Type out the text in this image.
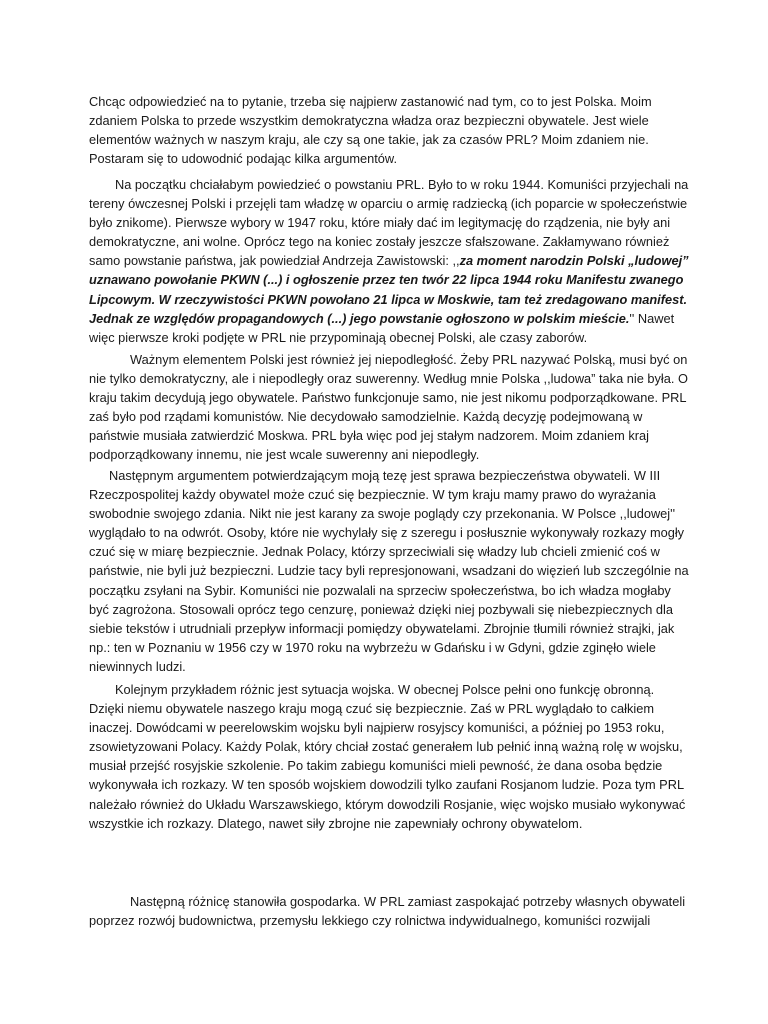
Chcąc odpowiedzieć na to pytanie, trzeba się najpierw zastanowić nad tym, co to jest Polska. Moim zdaniem Polska to przede wszystkim demokratyczna władza oraz bezpieczni obywatele. Jest wiele elementów ważnych w naszym kraju, ale czy są one takie, jak za czasów PRL? Moim zdaniem nie. Postaram się to udowodnić podając kilka argumentów.

Na początku chciałabym powiedzieć o powstaniu PRL. Było to w roku 1944. Komuniści przyjechali na tereny ówczesnej Polski i przejęli tam władzę w oparciu o armię radziecką (ich poparcie w społeczeństwie było znikome). Pierwsze wybory w 1947 roku, które miały dać im legitymację do rządzenia, nie były ani demokratyczne, ani wolne. Oprócz tego na koniec zostały jeszcze sfałszowane. Zakłamywano również samo powstanie państwa, jak powiedział Andrzeja Zawistowski: ,,za moment narodzin Polski „ludowej” uznawano powołanie PKWN (...) i ogłoszenie przez ten twór 22 lipca 1944 roku Manifestu zwanego Lipcowym. W rzeczywistości PKWN powołano 21 lipca w Moskwie, tam też zredagowano manifest. Jednak ze względów propagandowych (...) jego powstanie ogłoszono w polskim mieście.'' Nawet więc pierwsze kroki podjęte w PRL nie przypominają obecnej Polski, ale czasy zaborów.

Ważnym elementem Polski jest również jej niepodległość. Żeby PRL nazywać Polską, musi być on nie tylko demokratyczny, ale i niepodległy oraz suwerenny. Według mnie Polska ,,ludowa” taka nie była. O kraju takim decydują jego obywatele. Państwo funkcjonuje samo, nie jest nikomu podporządkowane. PRL zaś było pod rządami komunistów. Nie decydowało samodzielnie. Każdą decyzję podejmowaną w państwie musiała zatwierdzić Moskwa. PRL była więc pod jej stałym nadzorem. Moim zdaniem kraj podporządkowany innemu, nie jest wcale suwerenny ani niepodległy.

Następnym argumentem potwierdzającym moją tezę jest sprawa bezpieczeństwa obywateli. W III Rzeczpospolitej każdy obywatel może czuć się bezpiecznie. W tym kraju mamy prawo do wyrażania swobodnie swojego zdania. Nikt nie jest karany za swoje poglądy czy przekonania. W Polsce ,,ludowej'' wyglądało to na odwrót. Osoby, które nie wychylały się z szeregu i posłusznie wykonywały rozkazy mogły czuć się w miarę bezpiecznie. Jednak Polacy, którzy sprzeciwiali się władzy lub chcieli zmienić coś w państwie, nie byli już bezpieczni. Ludzie tacy byli represjonowani, wsadzani do więzień lub szczególnie na początku zsyłani na Sybir. Komuniści nie pozwalali na sprzeciw społeczeństwa, bo ich władza mogłaby być zagrożona. Stosowali oprócz tego cenzurę, ponieważ dzięki niej pozbywali się niebezpiecznych dla siebie tekstów i utrudniali przepływ informacji pomiędzy obywatelami. Zbrojnie tłumili również strajki, jak np.: ten w Poznaniu w 1956 czy w 1970 roku na wybrzeżu w Gdańsku i w Gdyni, gdzie zginęło wiele niewinnych ludzi.

Kolejnym przykładem różnic jest sytuacja wojska. W obecnej Polsce pełni ono funkcję obronną. Dzięki niemu obywatele naszego kraju mogą czuć się bezpiecznie. Zaś w PRL wyglądało to całkiem inaczej. Dowódcami w peerelowskim wojsku byli najpierw rosyjscy komuniści, a później po 1953 roku, zsowietyzowani Polacy. Każdy Polak, który chciał zostać generałem lub pełnić inną ważną rolę w wojsku, musiał przejść rosyjskie szkolenie. Po takim zabiegu komuniści mieli pewność, że dana osoba będzie wykonywała ich rozkazy. W ten sposób wojskiem dowodzili tylko zaufani Rosjanom ludzie. Poza tym PRL należało również do Układu Warszawskiego, którym dowodzili Rosjanie, więc wojsko musiało wykonywać wszystkie ich rozkazy. Dlatego, nawet siły zbrojne nie zapewniały ochrony obywatelom.

Następną różnicę stanowiła gospodarka. W PRL zamiast zaspokajać potrzeby własnych obywateli poprzez rozwój budownictwa, przemysłu lekkiego czy rolnictwa indywidualnego, komuniści rozwijali
